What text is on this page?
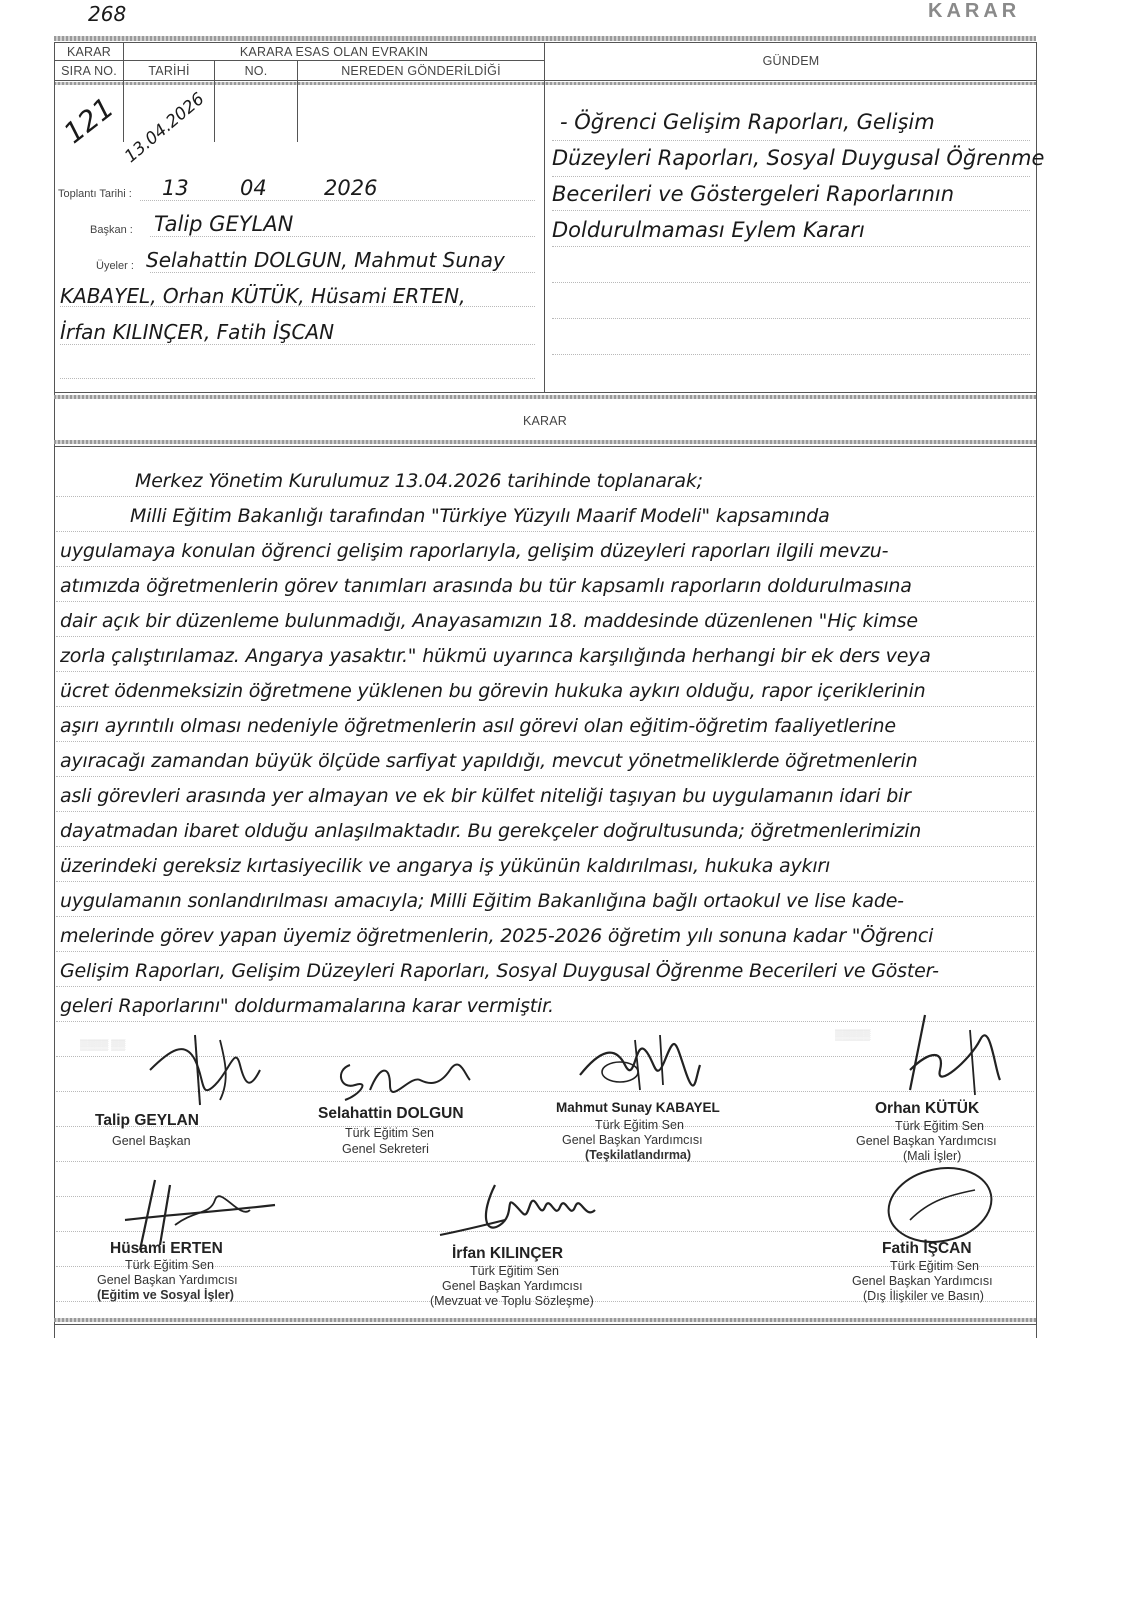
268	KARAR
KARAR
SIRA NO.
KARARA ESAS OLAN EVRAKIN
TARİHİ	NO.	NEREDEN GÖNDERİLDİĞİ
GÜNDEM
121 13.04.2026
Toplantı Tarihi : 13 04	2026
Başkan : Talip GEYLAN
Üyeler : Selahattin DOLGUN, Mahmut Sunay
KABAYEL, Orhan KÜTÜK, Hüsami ERTEN,
İrfan KILINÇER, Fatih İŞCAN
- Öğrenci Gelişim Raporları, Gelişim
Düzeyleri Raporları, Sosyal Duygusal Öğrenme
Becerileri ve Göstergeleri Raporlarının
Doldurulmaması Eylem Kararı
KARAR
Merkez Yönetim Kurulumuz 13.04.2026 tarihinde toplanarak;
Milli Eğitim Bakanlığı tarafından "Türkiye Yüzyılı Maarif Modeli" kapsamında
uygulamaya konulan öğrenci gelişim raporlarıyla, gelişim düzeyleri raporları ilgili mevzu-
atımızda öğretmenlerin görev tanımları arasında bu tür kapsamlı raporların doldurulmasına
dair açık bir düzenleme bulunmadığı, Anayasamızın 18. maddesinde düzenlenen "Hiç kimse
zorla çalıştırılamaz. Angarya yasaktır." hükmü uyarınca karşılığında herhangi bir ek ders veya
ücret ödenmeksizin öğretmene yüklenen bu görevin hukuka aykırı olduğu, rapor içeriklerinin
aşırı ayrıntılı olması nedeniyle öğretmenlerin asıl görevi olan eğitim-öğretim faaliyetlerine
ayıracağı zamandan büyük ölçüde sarfiyat yapıldığı, mevcut yönetmeliklerde öğretmenlerin
asli görevleri arasında yer almayan ve ek bir külfet niteliği taşıyan bu uygulamanın idari bir
dayatmadan ibaret olduğu anlaşılmaktadır. Bu gerekçeler doğrultusunda; öğretmenlerimizin
üzerindeki gereksiz kırtasiyecilik ve angarya iş yükünün kaldırılması, hukuka aykırı
uygulamanın sonlandırılması amacıyla; Milli Eğitim Bakanlığına bağlı ortaokul ve lise kade-
melerinde görev yapan üyemiz öğretmenlerin, 2025-2026 öğretim yılı sonuna kadar "Öğrenci
Gelişim Raporları, Gelişim Düzeyleri Raporları, Sosyal Duygusal Öğrenme Becerileri ve Göster-
geleri Raporlarını" doldurmamalarına karar vermiştir.
▒▒▒▒ ▒▒
▒▒▒▒▒
Talip GEYLAN
Genel Başkan
Selahattin DOLGUN
Türk Eğitim Sen
Genel Sekreteri
Mahmut Sunay KABAYEL
Türk Eğitim Sen
Genel Başkan Yardımcısı
(Teşkilatlandırma)
Orhan KÜTÜK
Türk Eğitim Sen
Genel Başkan Yardımcısı
(Mali İşler)
Hüsami ERTEN
Türk Eğitim Sen
Genel Başkan Yardımcısı
(Eğitim ve Sosyal İşler)
İrfan KILINÇER
Türk Eğitim Sen
Genel Başkan Yardımcısı
(Mevzuat ve Toplu Sözleşme)
Fatih İŞCAN
Türk Eğitim Sen
Genel Başkan Yardımcısı
(Dış İlişkiler ve Basın)
